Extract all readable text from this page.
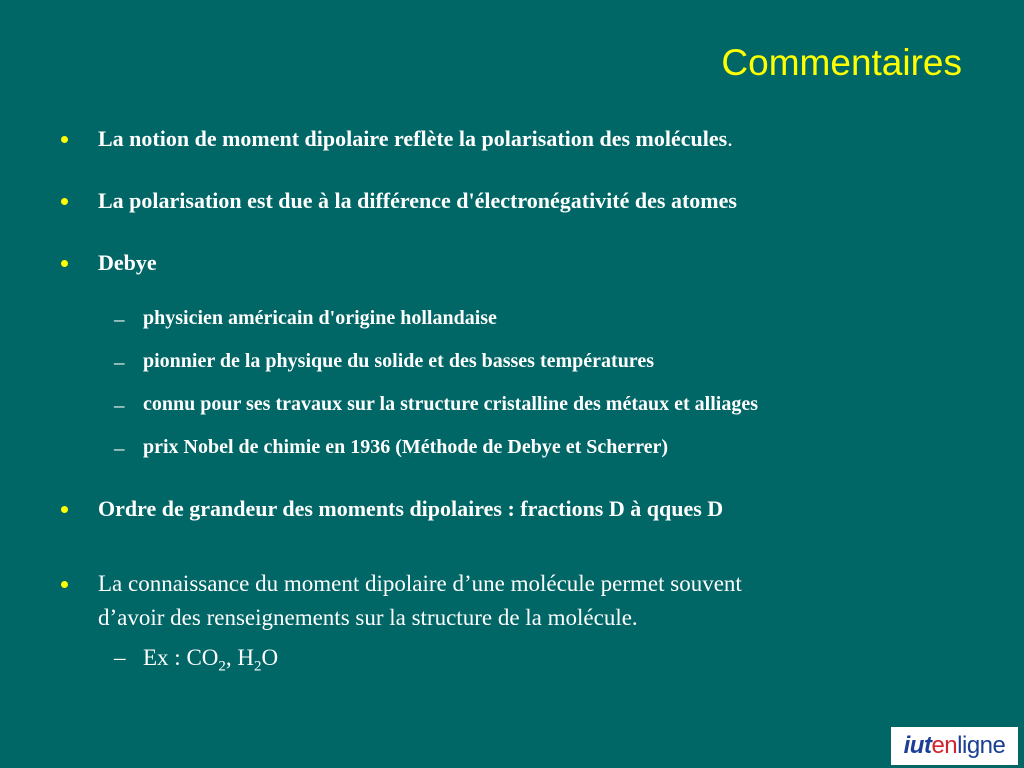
Commentaires
La notion de moment dipolaire reflète la polarisation des molécules.
La polarisation est due à la différence d'électronégativité des atomes
Debye
– physicien américain d'origine hollandaise
– pionnier de la physique du solide et des basses températures
– connu pour ses travaux sur la structure cristalline des métaux et alliages
– prix Nobel de chimie en 1936 (Méthode de Debye et Scherrer)
Ordre de grandeur des moments dipolaires : fractions D à qques D
La connaissance du moment dipolaire d’une molécule permet souvent
d’avoir des renseignements sur la structure de la molécule.
– Ex : $CO_2$, $H_2O$
iut en ligne
